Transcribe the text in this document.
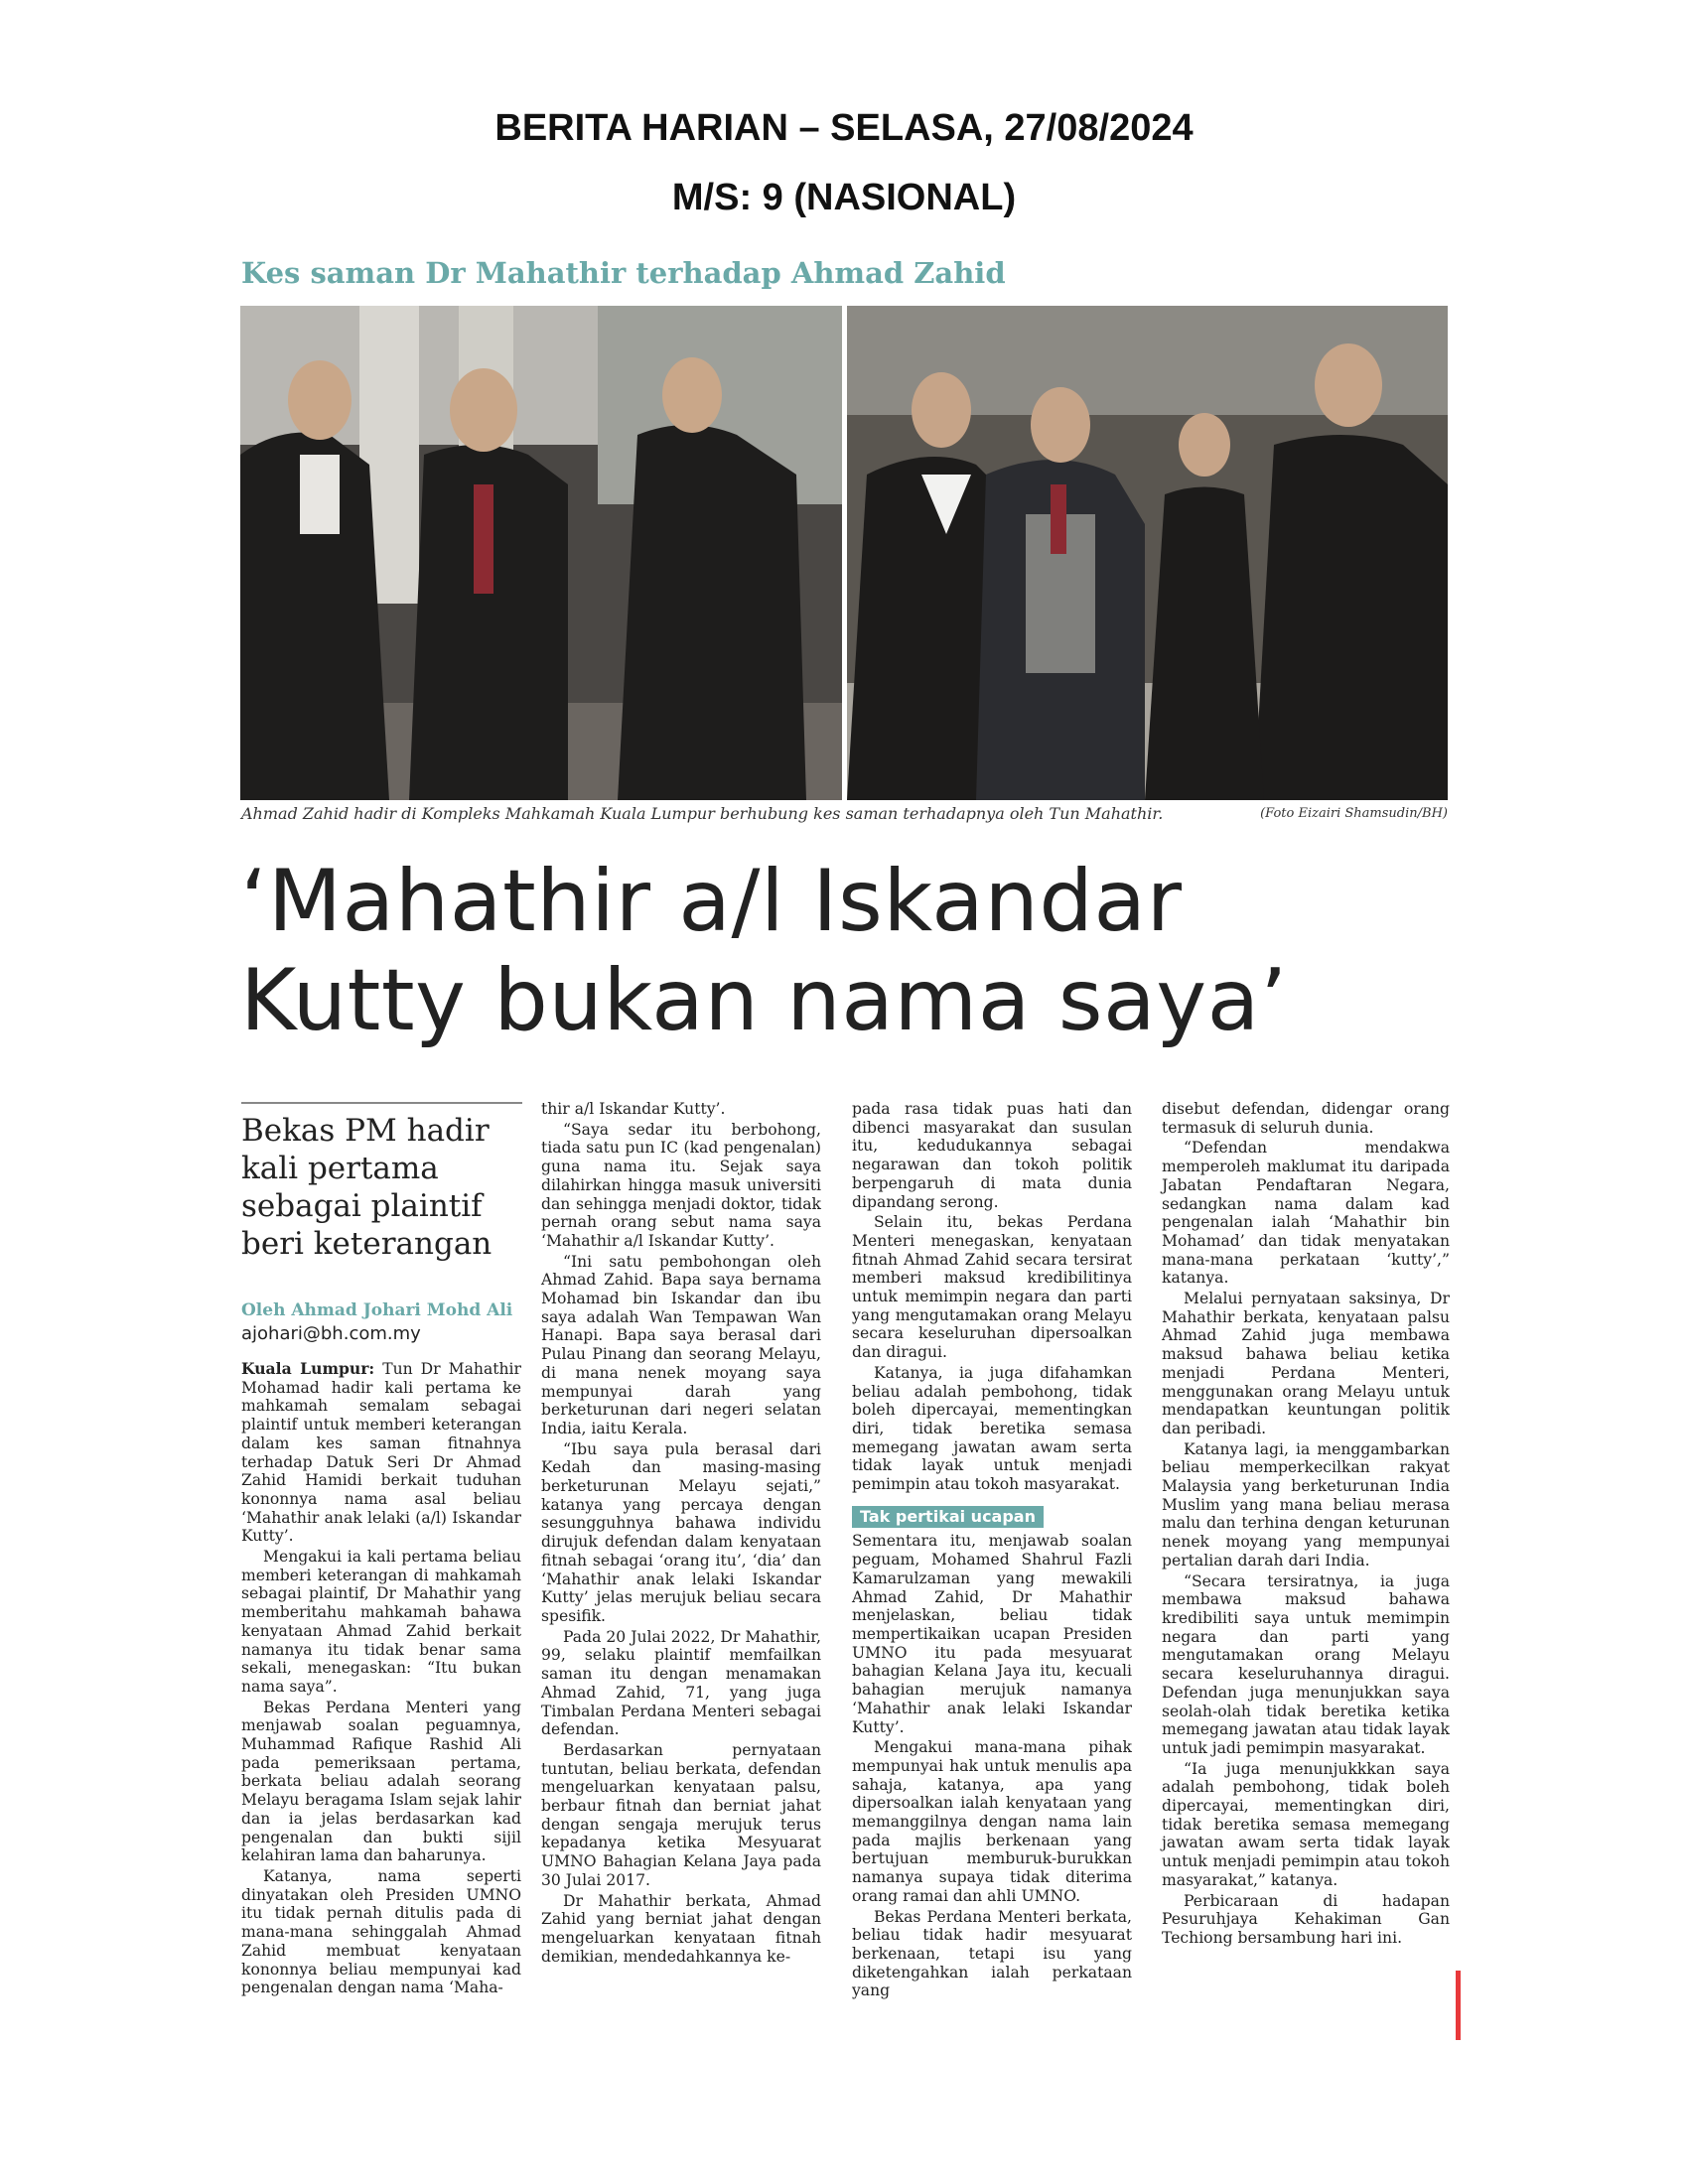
BERITA HARIAN – SELASA, 27/08/2024
M/S: 9 (NASIONAL)
Kes saman Dr Mahathir terhadap Ahmad Zahid
Ahmad Zahid hadir di Kompleks Mahkamah Kuala Lumpur berhubung kes saman terhadapnya oleh Tun Mahathir.	(Foto Eizairi Shamsudin/BH)
‘Mahathir a/l Iskandar
Kutty bukan nama saya’
Bekas PM hadir kali pertama sebagai plaintif beri keterangan
Oleh Ahmad Johari Mohd Ali
ajohari@bh.com.my

Kuala Lumpur: Tun Dr Mahathir Mohamad hadir kali pertama ke mahkamah semalam sebagai plaintif untuk memberi keterangan dalam kes saman fitnahnya terhadap Datuk Seri Dr Ahmad Zahid Hamidi berkait tuduhan kononnya nama asal beliau ‘Mahathir anak lelaki (a/l) Iskandar Kutty’.

Mengakui ia kali pertama beliau memberi keterangan di mahkamah sebagai plaintif, Dr Mahathir yang memberitahu mahkamah bahawa kenyataan Ahmad Zahid berkait namanya itu tidak benar sama sekali, menegaskan: “Itu bukan nama saya”.

Bekas Perdana Menteri yang menjawab soalan peguamnya, Muhammad Rafique Rashid Ali pada pemeriksaan pertama, berkata beliau adalah seorang Melayu beragama Islam sejak lahir dan ia jelas berdasarkan kad pengenalan dan bukti sijil kelahiran lama dan baharunya.

Katanya, nama seperti dinyatakan oleh Presiden UMNO itu tidak pernah ditulis pada di mana-mana sehinggalah Ahmad Zahid membuat kenyataan kononnya beliau mempunyai kad pengenalan dengan nama ‘Maha-

thir a/l Iskandar Kutty’.

“Saya sedar itu berbohong, tiada satu pun IC (kad pengenalan) guna nama itu. Sejak saya dilahirkan hingga masuk universiti dan sehingga menjadi doktor, tidak pernah orang sebut nama saya ‘Mahathir a/l Iskandar Kutty’.

“Ini satu pembohongan oleh Ahmad Zahid. Bapa saya bernama Mohamad bin Iskandar dan ibu saya adalah Wan Tempawan Wan Hanapi. Bapa saya berasal dari Pulau Pinang dan seorang Melayu, di mana nenek moyang saya mempunyai darah yang berketurunan dari negeri selatan India, iaitu Kerala.

“Ibu saya pula berasal dari Kedah dan masing-masing berketurunan Melayu sejati,” katanya yang percaya dengan sesungguhnya bahawa individu dirujuk defendan dalam kenyataan fitnah sebagai ‘orang itu’, ‘dia’ dan ‘Mahathir anak lelaki Iskandar Kutty’ jelas merujuk beliau secara spesifik.

Pada 20 Julai 2022, Dr Mahathir, 99, selaku plaintif memfailkan saman itu dengan menamakan Ahmad Zahid, 71, yang juga Timbalan Perdana Menteri sebagai defendan.

Berdasarkan pernyataan tuntutan, beliau berkata, defendan mengeluarkan kenyataan palsu, berbaur fitnah dan berniat jahat dengan sengaja merujuk terus kepadanya ketika Mesyuarat UMNO Bahagian Kelana Jaya pada 30 Julai 2017.

Dr Mahathir berkata, Ahmad Zahid yang berniat jahat dengan mengeluarkan kenyataan fitnah demikian, mendedahkannya ke-

pada rasa tidak puas hati dan dibenci masyarakat dan susulan itu, kedudukannya sebagai negarawan dan tokoh politik berpengaruh di mata dunia dipandang serong.

Selain itu, bekas Perdana Menteri menegaskan, kenyataan fitnah Ahmad Zahid secara tersirat memberi maksud kredibilitinya untuk memimpin negara dan parti yang mengutamakan orang Melayu secara keseluruhan dipersoalkan dan diragui.

Katanya, ia juga difahamkan beliau adalah pembohong, tidak boleh dipercayai, mementingkan diri, tidak beretika semasa memegang jawatan awam serta tidak layak untuk menjadi pemimpin atau tokoh masyarakat.

Tak pertikai ucapan

Sementara itu, menjawab soalan peguam, Mohamed Shahrul Fazli Kamarulzaman yang mewakili Ahmad Zahid, Dr Mahathir menjelaskan, beliau tidak mempertikaikan ucapan Presiden UMNO itu pada mesyuarat bahagian Kelana Jaya itu, kecuali bahagian merujuk namanya ‘Mahathir anak lelaki Iskandar Kutty’.

Mengakui mana-mana pihak mempunyai hak untuk menulis apa sahaja, katanya, apa yang dipersoalkan ialah kenyataan yang memanggilnya dengan nama lain pada majlis berkenaan yang bertujuan memburuk-burukkan namanya supaya tidak diterima orang ramai dan ahli UMNO.

Bekas Perdana Menteri berkata, beliau tidak hadir mesyuarat berkenaan, tetapi isu yang diketengahkan ialah perkataan yang

disebut defendan, didengar orang termasuk di seluruh dunia.

“Defendan mendakwa memperoleh maklumat itu daripada Jabatan Pendaftaran Negara, sedangkan nama dalam kad pengenalan ialah ‘Mahathir bin Mohamad’ dan tidak menyatakan mana-mana perkataan ‘kutty’,” katanya.

Melalui pernyataan saksinya, Dr Mahathir berkata, kenyataan palsu Ahmad Zahid juga membawa maksud bahawa beliau ketika menjadi Perdana Menteri, menggunakan orang Melayu untuk mendapatkan keuntungan politik dan peribadi.

Katanya lagi, ia menggambarkan beliau memperkecilkan rakyat Malaysia yang berketurunan India Muslim yang mana beliau merasa malu dan terhina dengan keturunan nenek moyang yang mempunyai pertalian darah dari India.

“Secara tersiratnya, ia juga membawa maksud bahawa kredibiliti saya untuk memimpin negara dan parti yang mengutamakan orang Melayu secara keseluruhannya diragui. Defendan juga menunjukkan saya seolah-olah tidak beretika ketika memegang jawatan atau tidak layak untuk jadi pemimpin masyarakat.

“Ia juga menunjukkkan saya adalah pembohong, tidak boleh dipercayai, mementingkan diri, tidak beretika semasa memegang jawatan awam serta tidak layak untuk menjadi pemimpin atau tokoh masyarakat,” katanya.

Perbicaraan di hadapan Pesuruhjaya Kehakiman Gan Techiong bersambung hari ini.
